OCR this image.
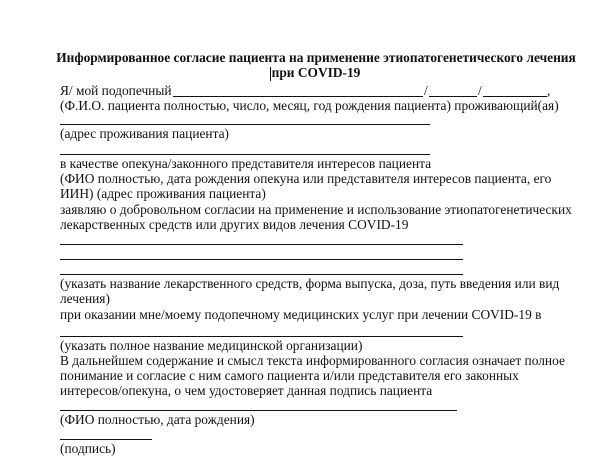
Информированное согласие пациента на применение этиопатогенетического лечения
при COVID-19
Я/ мой подопечный	/	/	,
(Ф.И.О. пациента полностью, число, месяц, год рождения пациента) проживающий(ая)
(адрес проживания пациента)
в качестве опекуна/законного представителя интересов пациента
(ФИО полностью, дата рождения опекуна или представителя интересов пациента, его
ИИН) (адрес проживания пациента)
заявляю о добровольном согласии на применение и использование этиопатогенетических
лекарственных средств или других видов лечения COVID-19
(указать название лекарственного средств, форма выпуска, доза, путь введения или вид
лечения)
при оказании мне/моему подопечному медицинских услуг при лечении COVID-19 в
(указать полное название медицинской организации)
В дальнейшем содержание и смысл текста информированного согласия означает полное
понимание и согласие с ним самого пациента и/или представителя его законных
интересов/опекуна, о чем удостоверяет данная подпись пациента
(ФИО полностью, дата рождения)
(подпись)
